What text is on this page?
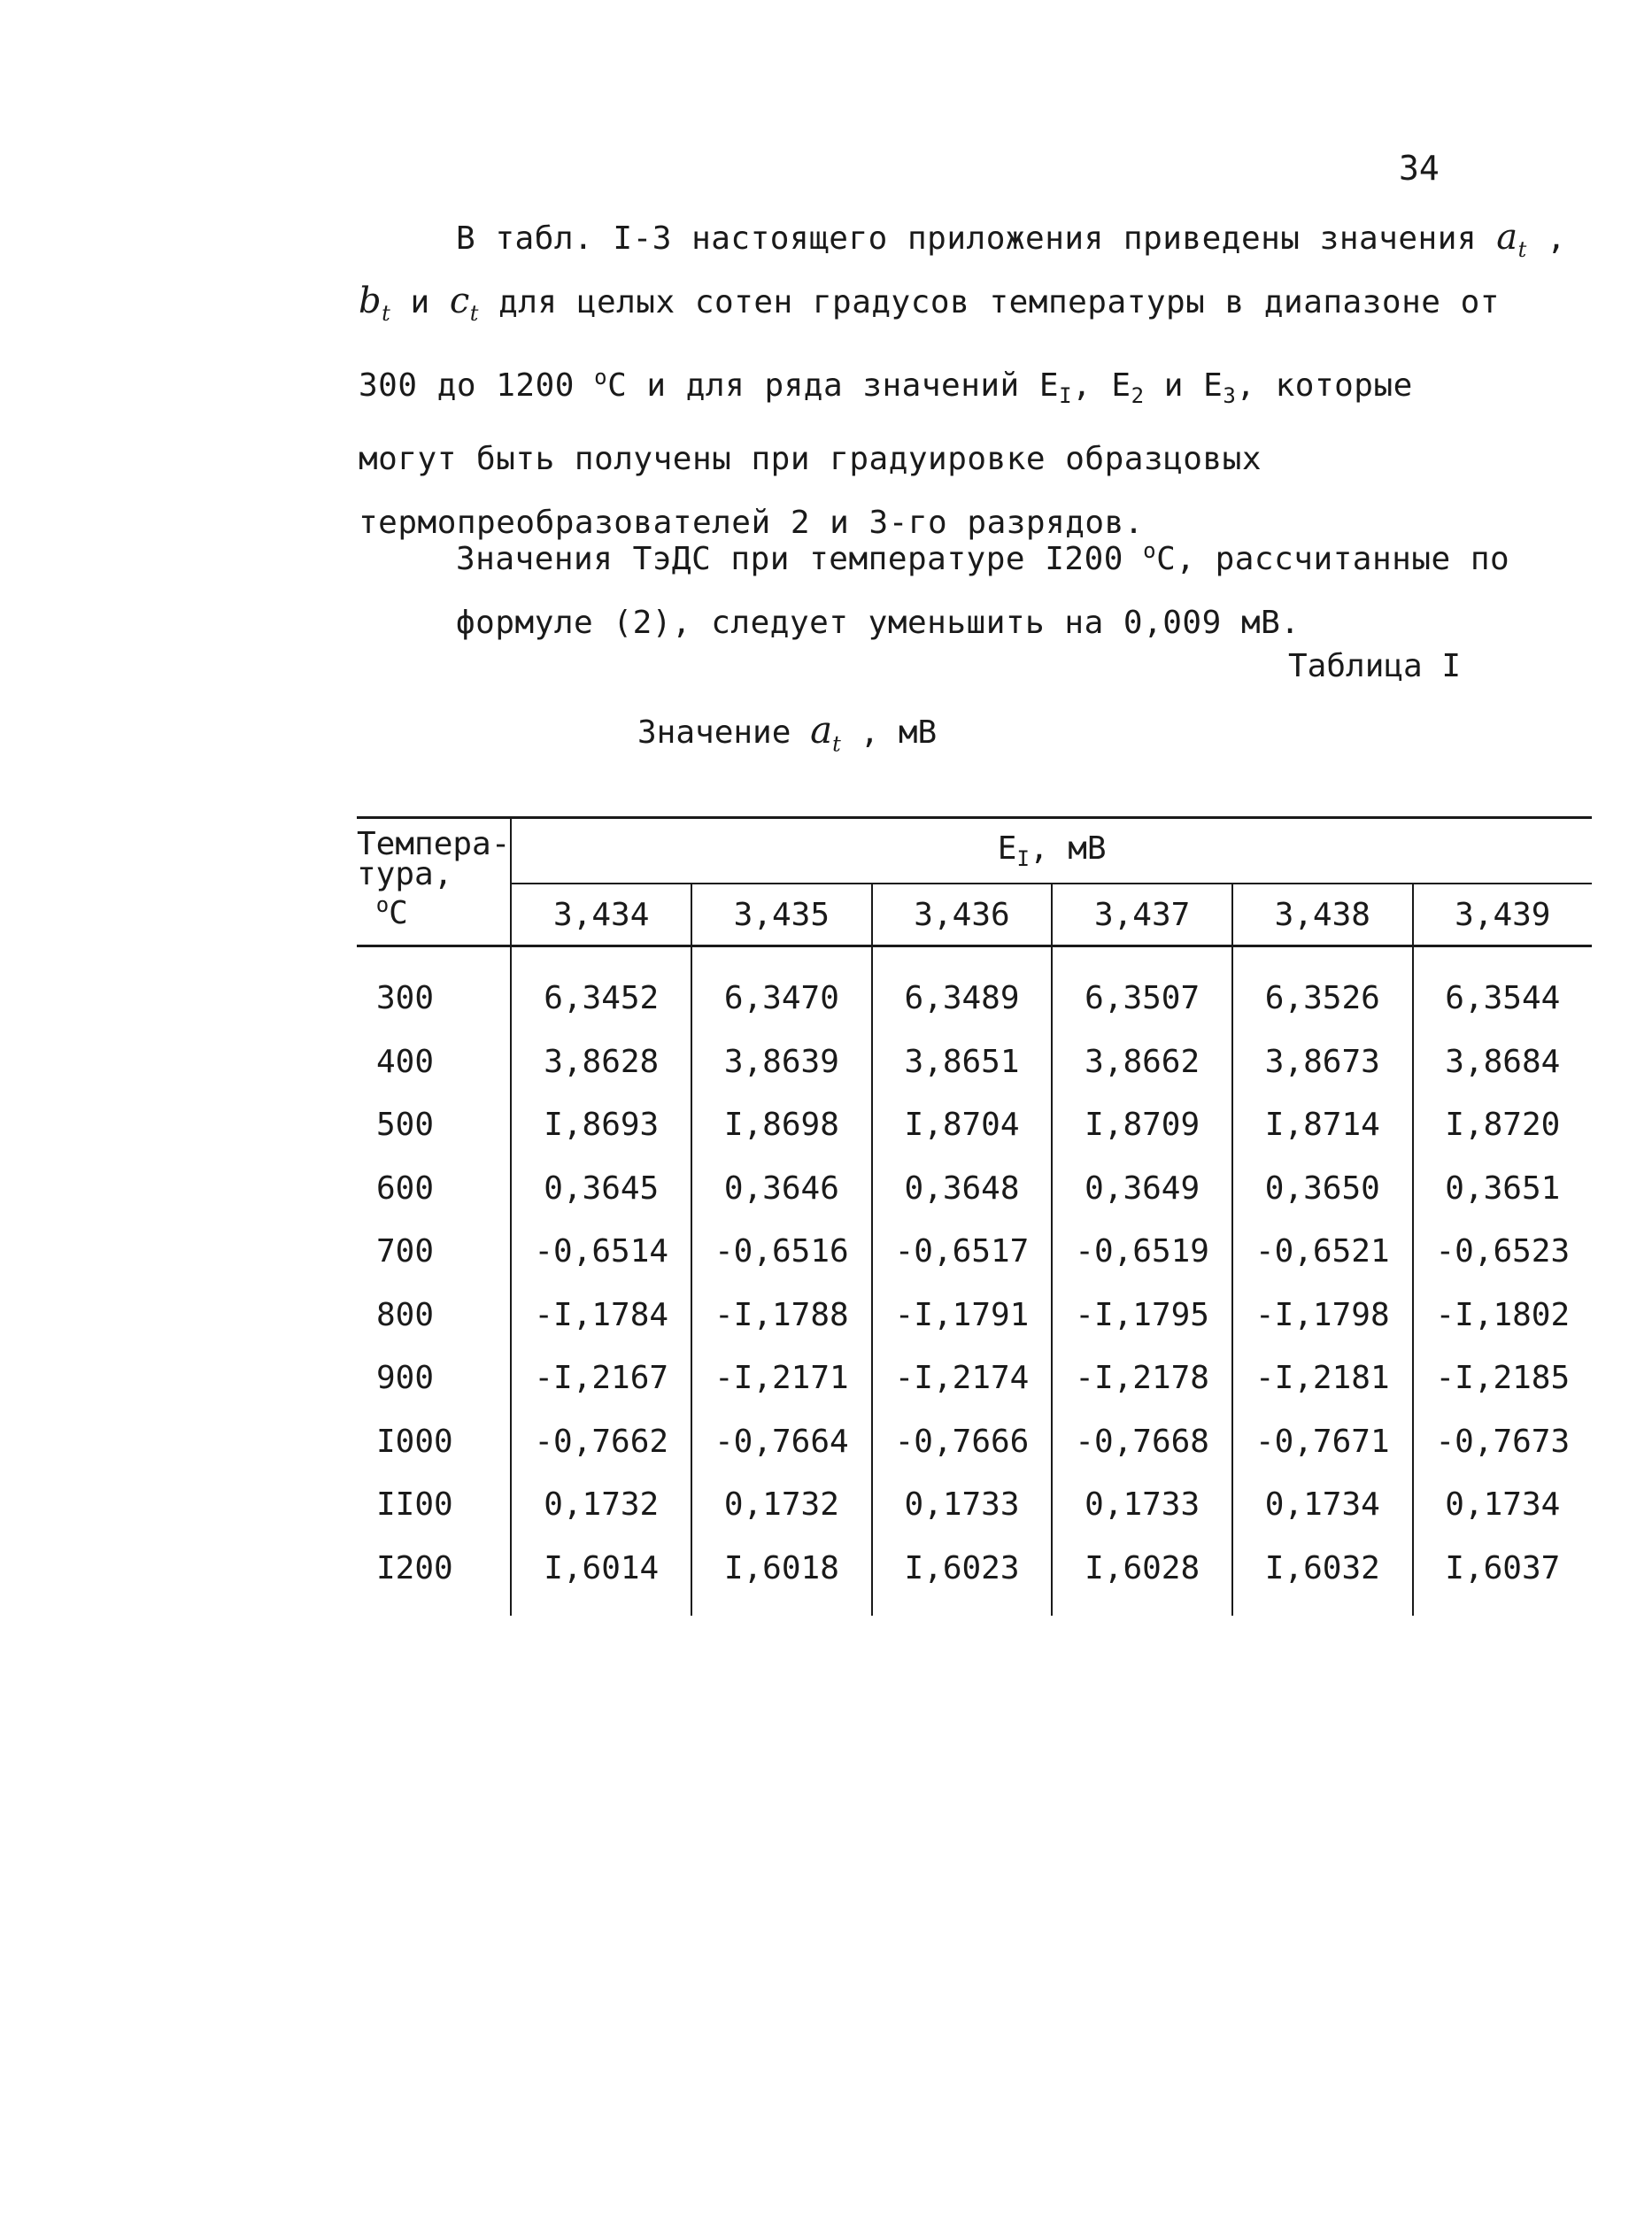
34
В табл. I-3 настоящего приложения приведены значения $a_t$ ,
$b_t$ и $c_t$ для целых сотен градусов температуры в диапазоне от 300 до 1200 $^o$С и для ряда значений $E_I$, $E_2$ и $E_3$, которые могут быть получены при градуировке образцовых термопреобразователей 2 и 3-го разрядов.
Значения ТэДС при температуре I200 $^o$С, рассчитанные по формуле (2), следует уменьшить на 0,009 мВ.
Таблица I
Значение $a_t$ , мВ
Темпера-
тура,
$^o$С	$E_I$, мВ					
	3,434	3,435	3,436	3,437	3,438	3,439
300	6,3452	6,3470	6,3489	6,3507	6,3526	6,3544
400	3,8628	3,8639	3,8651	3,8662	3,8673	3,8684
500	I,8693	I,8698	I,8704	I,8709	I,8714	I,8720
600	0,3645	0,3646	0,3648	0,3649	0,3650	0,3651
700	-0,6514	-0,6516	-0,6517	-0,6519	-0,6521	-0,6523
800	-I,1784	-I,1788	-I,1791	-I,1795	-I,1798	-I,1802
900	-I,2167	-I,2171	-I,2174	-I,2178	-I,2181	-I,2185
I000	-0,7662	-0,7664	-0,7666	-0,7668	-0,7671	-0,7673
II00	0,1732	0,1732	0,1733	0,1733	0,1734	0,1734
I200	I,6014	I,6018	I,6023	I,6028	I,6032	I,6037
